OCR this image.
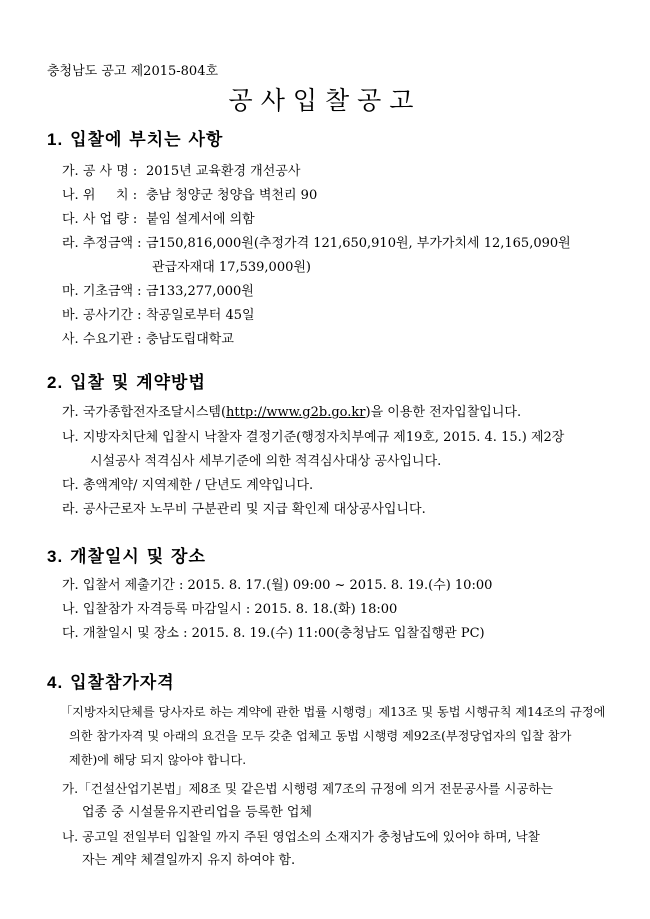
충청남도 공고 제2015-804호
공사입찰공고
1. 입찰에 부치는 사항
가. 공 사 명 : 2015년 교육환경 개선공사
나. 위     치 : 충남 청양군 청양읍 벽천리 90
다. 사 업 량 : 붙임 설계서에 의함
라. 추정금액 : 금150,816,000원(추정가격 121,650,910원, 부가가치세 12,165,090원
관급자재대 17,539,000원)
마. 기초금액 : 금133,277,000원
바. 공사기간 : 착공일로부터 45일
사. 수요기관 : 충남도립대학교
2. 입찰 및 계약방법
가. 국가종합전자조달시스템(http://www.g2b.go.kr)을 이용한 전자입찰입니다.
나. 지방자치단체 입찰시 낙찰자 결정기준(행정자치부예규 제19호, 2015. 4. 15.) 제2장
시설공사 적격심사 세부기준에 의한 적격심사대상 공사입니다.
다. 총액계약/ 지역제한 / 단년도 계약입니다.
라. 공사근로자 노무비 구분관리 및 지급 확인제 대상공사입니다.
3. 개찰일시 및 장소
가. 입찰서 제출기간 : 2015. 8. 17.(월) 09:00 ~ 2015. 8. 19.(수) 10:00
나. 입찰참가 자격등록 마감일시 : 2015. 8. 18.(화) 18:00
다. 개찰일시 및 장소 : 2015. 8. 19.(수) 11:00(충청남도 입찰집행관 PC)
4. 입찰참가자격
「지방자치단체를 당사자로 하는 계약에 관한 법률 시행령」제13조 및 동법 시행규칙 제14조의 규정에
의한 참가자격 및 아래의 요건을 모두 갖춘 업체고 동법 시행령 제92조(부정당업자의 입찰 참가
제한)에 해당 되지 않아야 합니다.
가.「건설산업기본법」제8조 및 같은법 시행령 제7조의 규정에 의거 전문공사를 시공하는
업종 중 시설물유지관리업을 등록한 업체
나. 공고일 전일부터 입찰일 까지 주된 영업소의 소재지가 충청남도에 있어야 하며, 낙찰
자는 계약 체결일까지 유지 하여야 함.
